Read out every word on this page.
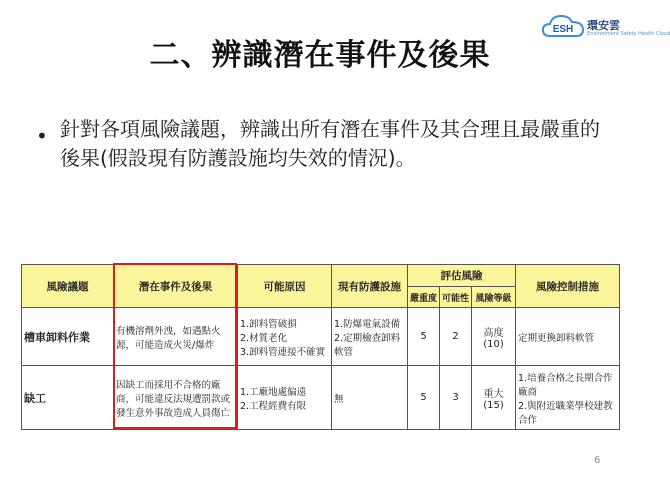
ESH 環安雲
Environment Safety Health Cloud
二、辨識潛在事件及後果
• 針對各項風險議題，辨識出所有潛在事件及其合理且最嚴重的後果(假設現有防護設施均失效的情況)。
風險議題	潛在事件及後果	可能原因	現有防護設施	評估風險			風險控制措施
				嚴重度	可能性	風險等級	
槽車卸料作業	有機溶劑外洩，如遇點火源，可能造成火災/爆炸	1.卸料管破損
2.材質老化
3.卸料管連接不確實	1.防爆電氣設備
2.定期檢查卸料軟管	5	2	高度(10)	定期更換卸料軟管
缺工	因缺工而採用不合格的廠商，可能違反法規遭罰款或發生意外事故造成人員傷亡	1.工廠地處偏遠
2.工程經費有限	無	5	3	重大(15)	1.培養合格之長期合作廠商
2.與附近職業學校建教合作
6
